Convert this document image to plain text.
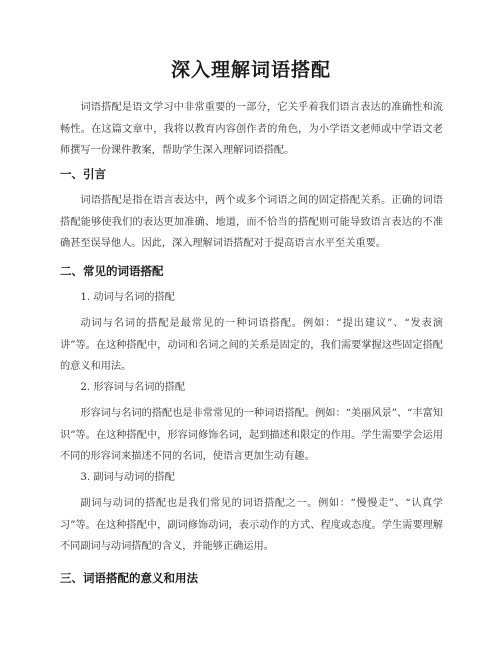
深入理解词语搭配

词语搭配是语文学习中非常重要的一部分，它关乎着我们语言表达的准确性和流畅性。在这篇文章中，我将以教育内容创作者的角色，为小学语文老师或中学语文老师撰写一份课件教案，帮助学生深入理解词语搭配。

一、引言

词语搭配是指在语言表达中，两个或多个词语之间的固定搭配关系。正确的词语搭配能够使我们的表达更加准确、地道，而不恰当的搭配则可能导致语言表达的不准确甚至误导他人。因此，深入理解词语搭配对于提高语言水平至关重要。

二、常见的词语搭配

1. 动词与名词的搭配

动词与名词的搭配是最常见的一种词语搭配。例如：“提出建议”、“发表演讲”等。在这种搭配中，动词和名词之间的关系是固定的，我们需要掌握这些固定搭配的意义和用法。

2. 形容词与名词的搭配

形容词与名词的搭配也是非常常见的一种词语搭配。例如：“美丽风景”、“丰富知识”等。在这种搭配中，形容词修饰名词，起到描述和限定的作用。学生需要学会运用不同的形容词来描述不同的名词，使语言更加生动有趣。

3. 副词与动词的搭配

副词与动词的搭配也是我们常见的词语搭配之一。例如：“慢慢走”、“认真学习”等。在这种搭配中，副词修饰动词，表示动作的方式、程度或态度。学生需要理解不同副词与动词搭配的含义，并能够正确运用。

三、词语搭配的意义和用法
